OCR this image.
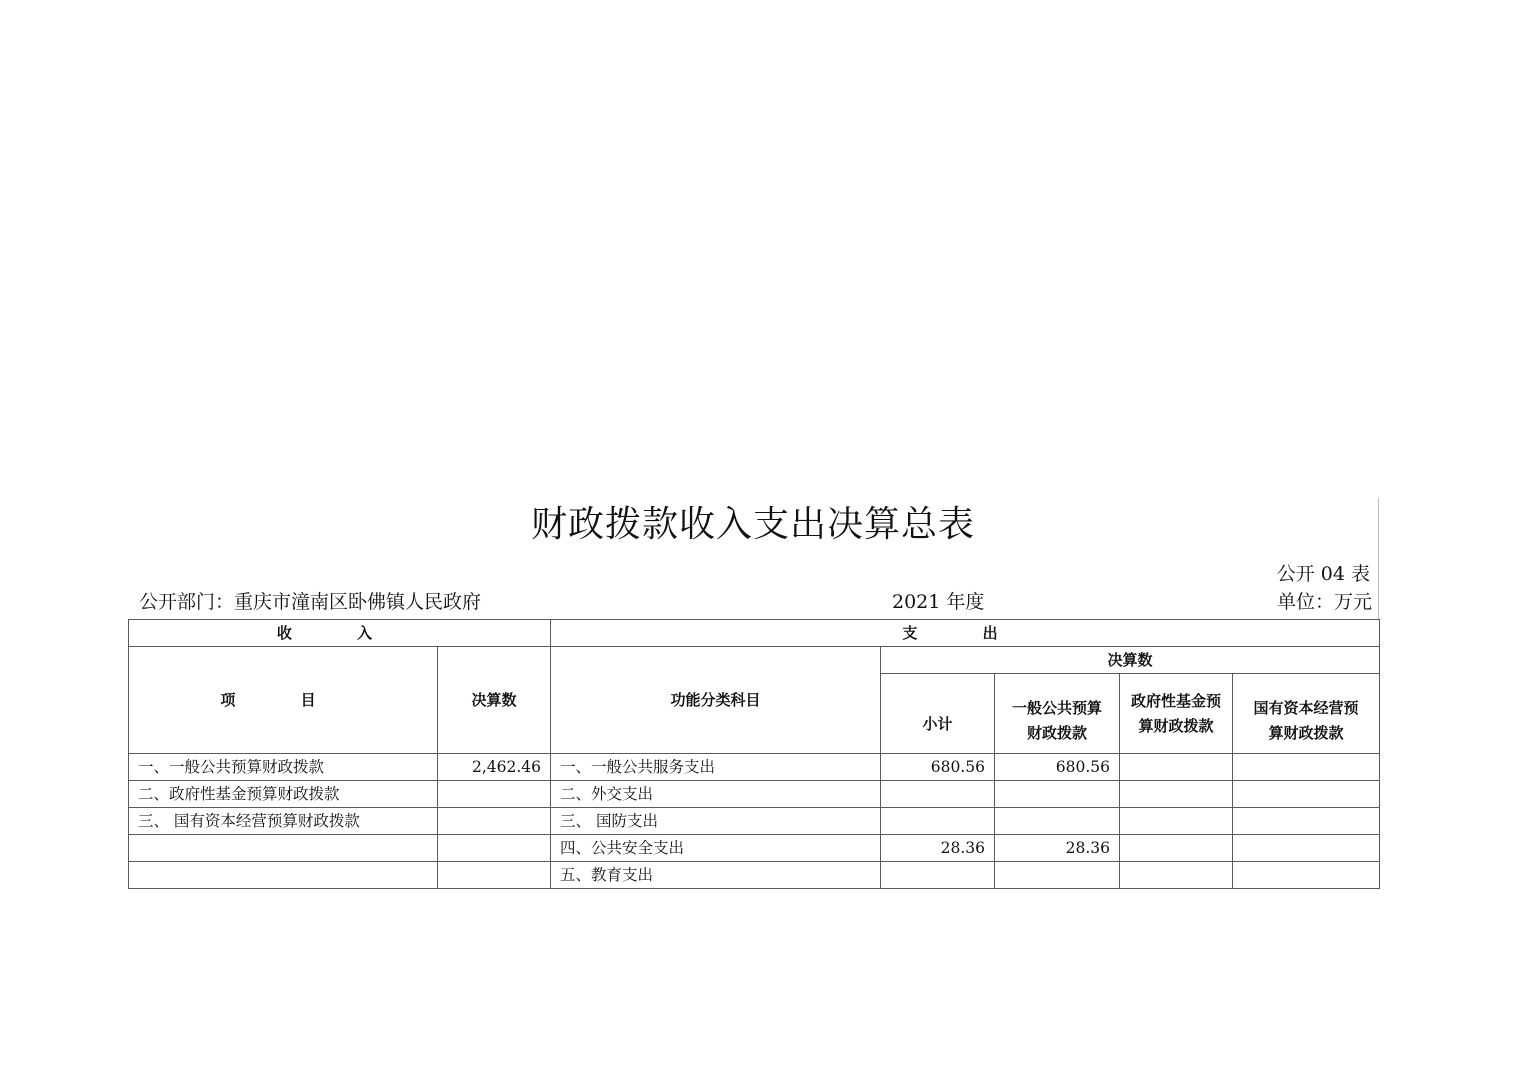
财政拨款收入支出决算总表
公开 04 表
公开部门：重庆市潼南区卧佛镇人民政府	2021 年度	单位：万元
收 入		支 出				
项 目	决算数	功能分类科目	决算数			
			小计	一般公共预算财政拨款	政府性基金预算财政拨款	国有资本经营预算财政拨款
一、一般公共预算财政拨款	2,462.46	一、一般公共服务支出	680.56	680.56		
二、政府性基金预算财政拨款		二、外交支出				
三、 国有资本经营预算财政拨款		三、 国防支出				
		四、公共安全支出	28.36	28.36		
		五、教育支出				
